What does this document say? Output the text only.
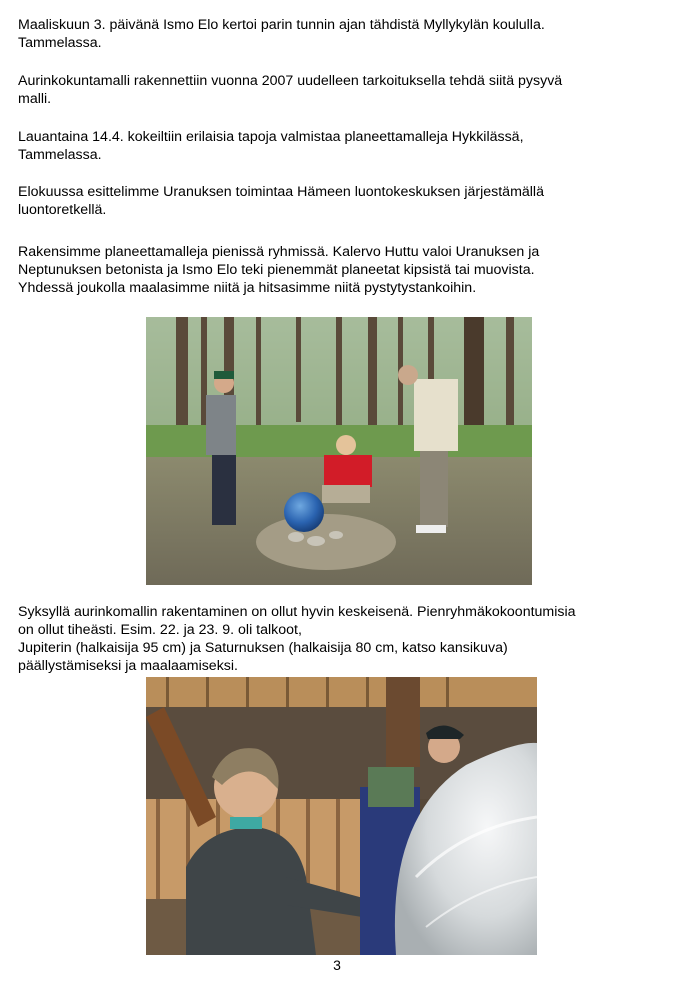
Maaliskuun 3. päivänä Ismo Elo kertoi parin tunnin ajan tähdistä Myllykylän koululla.
Tammelassa.

Aurinkokuntamalli rakennettiin vuonna 2007 uudelleen tarkoituksella tehdä siitä pysyvä
malli.

Lauantaina 14.4. kokeiltiin erilaisia tapoja valmistaa planeettamalleja Hykkilässä,
Tammelassa.

Elokuussa esittelimme Uranuksen toimintaa Hämeen luontokeskuksen järjestämällä
luontoretkellä.

Rakensimme planeettamalleja pienissä ryhmissä. Kalervo Huttu valoi Uranuksen ja
Neptunuksen betonista ja Ismo Elo teki pienemmät planeetat kipsistä tai muovista.
Yhdessä joukolla maalasimme niitä ja hitsasimme niitä pystytystankoihin.

Syksyllä aurinkomallin rakentaminen on ollut hyvin keskeisenä. Pienryhmäkokoontumisia
on ollut tiheästi. Esim. 22. ja 23. 9. oli talkoot,
Jupiterin (halkaisija 95 cm) ja Saturnuksen (halkaisija 80 cm, katso kansikuva)
päällystämiseksi ja maalaamiseksi.

3
